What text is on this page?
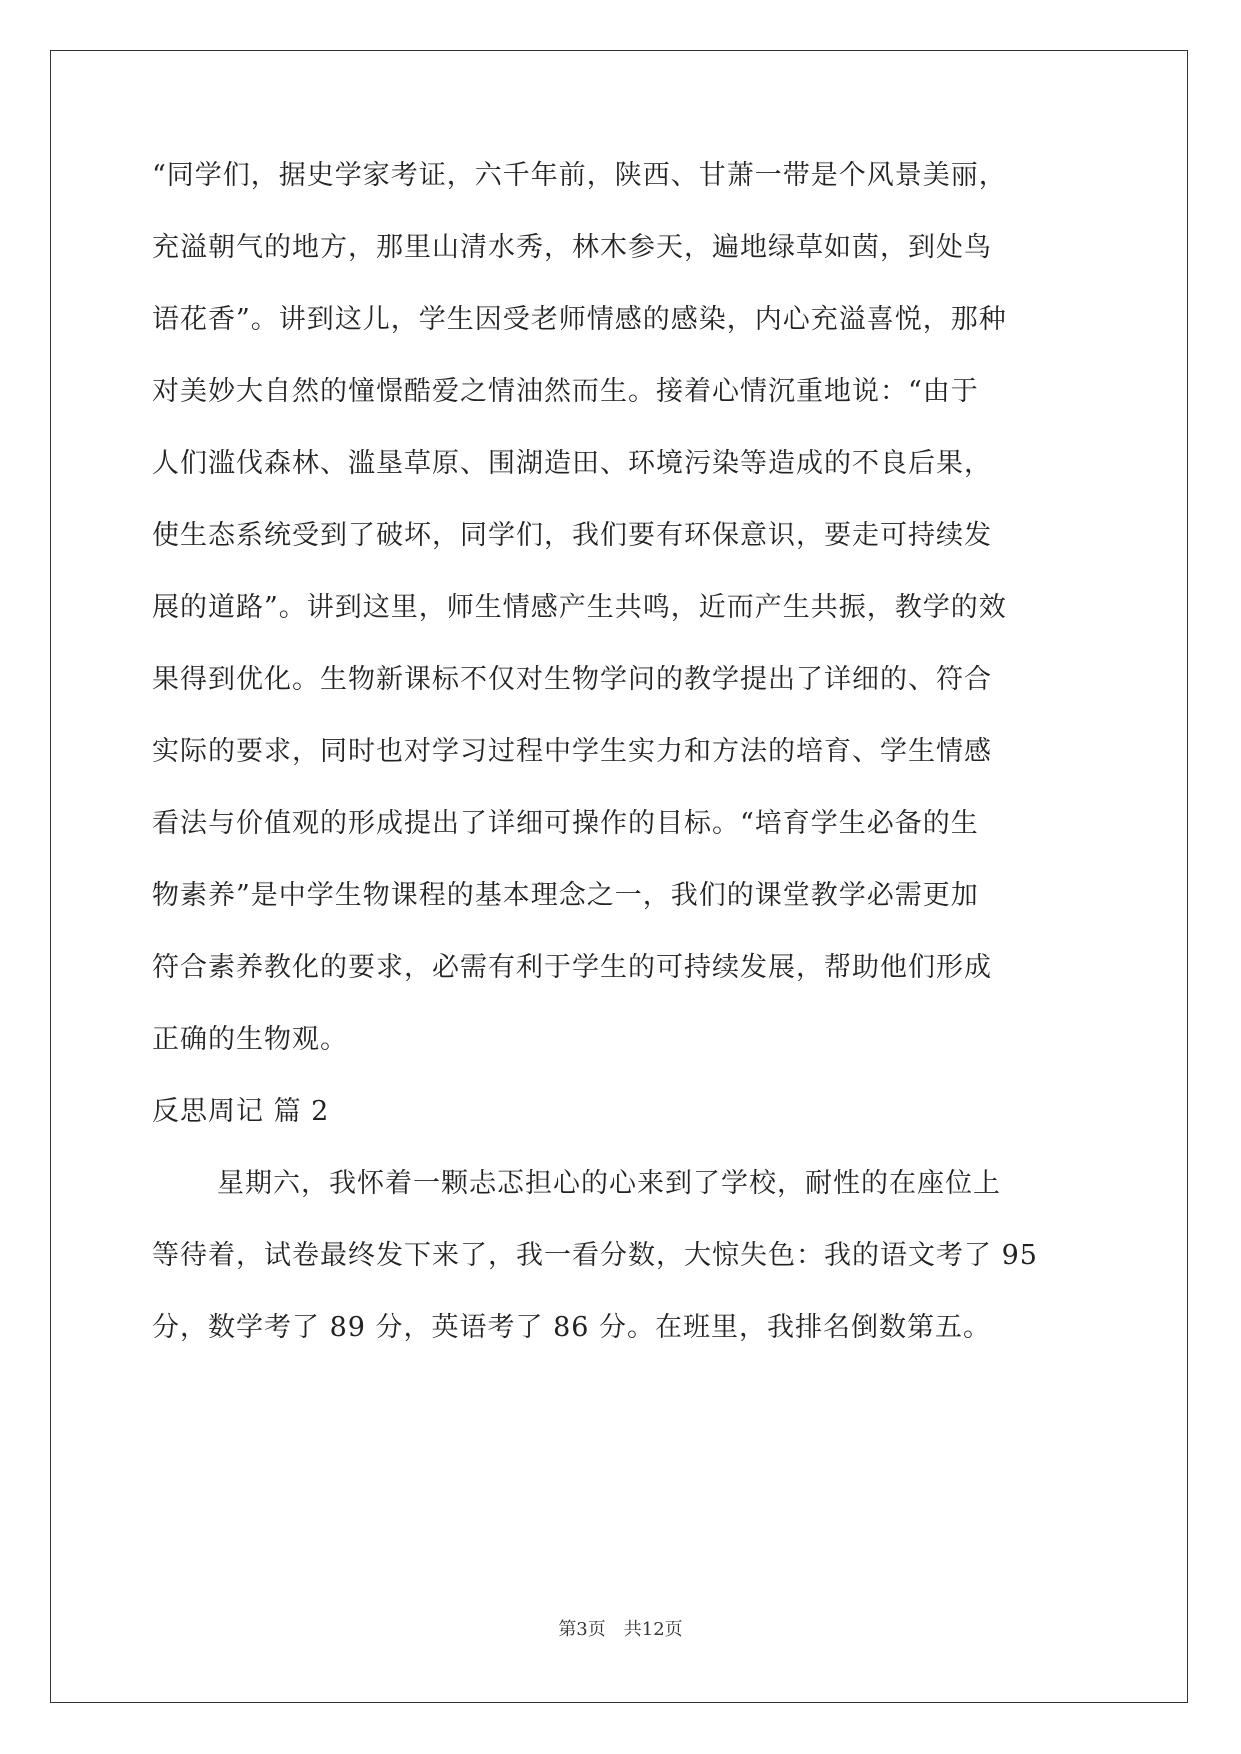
“同学们，据史学家考证，六千年前，陕西、甘萧一带是个风景美丽，
充溢朝气的地方，那里山清水秀，林木参天，遍地绿草如茵，到处鸟
语花香”。讲到这儿，学生因受老师情感的感染，内心充溢喜悦，那种
对美妙大自然的憧憬酷爱之情油然而生。接着心情沉重地说：“由于
人们滥伐森林、滥垦草原、围湖造田、环境污染等造成的不良后果，
使生态系统受到了破坏，同学们，我们要有环保意识，要走可持续发
展的道路”。讲到这里，师生情感产生共鸣，近而产生共振，教学的效
果得到优化。生物新课标不仅对生物学问的教学提出了详细的、符合
实际的要求，同时也对学习过程中学生实力和方法的培育、学生情感
看法与价值观的形成提出了详细可操作的目标。“培育学生必备的生
物素养”是中学生物课程的基本理念之一，我们的课堂教学必需更加
符合素养教化的要求，必需有利于学生的可持续发展，帮助他们形成
正确的生物观。
反思周记 篇 2
星期六，我怀着一颗忐忑担心的心来到了学校，耐性的在座位上
等待着，试卷最终发下来了，我一看分数，大惊失色：我的语文考了 95
分，数学考了 89 分，英语考了 86 分。在班里，我排名倒数第五。
第3页 共12页
